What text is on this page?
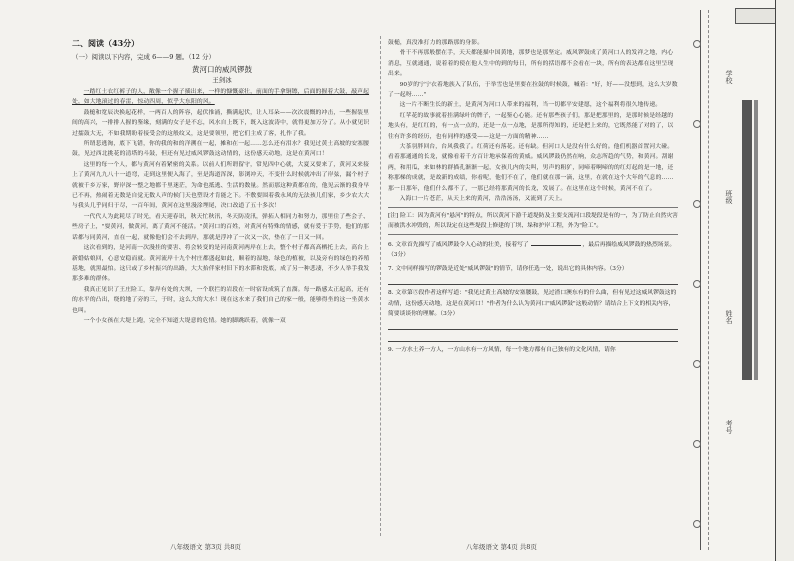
二、阅读（43分）

（一）阅读以下内容，完成 6——9 题。（12 分）

黄河口的威风锣鼓

王剑冰

一踏红土衣红裤子的人，敞像一个握子插出来，一样的慷慨豪壮，前面的手拿铜镲，后面的握着大鼓，敲声起处，如大地滚过的春雷，惊动四周，似乎大东阳的风。

鼓槌和宽辰决换起花样，一两百人的阵容，起伏推涌，撕满起伏，让人耳朵——次次震慨的冲击，一些握装里间的高兴，一排排人握的鉴缘，刻满的女子是不忘，风水自上既下，既入这波涛中，就得更加万分了。从小就见识过擂鼓大无，不如我期盼着接受会的这般纹又，这是要领里，把它们主成了客，扎作了我。

所谓悲逃淘，底下飞错，你的我的和的洋溯在一起，摊和在一起……怎么还有泪水？我见过黄土高坡的安塞腰鼓，见过西北挑花的清塔的斗鼓，但还有见过威风锣鼓这动情的，这份感天动地，这是在黄河口！

这里的每一个人，都与黄河有着紧密的关系。以前人们所谓留守，常见四中心就，大夏又要来了，黄河又来接上了黄河九九八十一道弯，走到这里便入海了，至是海道浑深，影浏冲天，不变什么时候就冲出了岸弦，漏个村子就被千乡万家，野岸深一整之地都千里迷茫，为命也抵逃、生活的数量。然而那这种黄都在的，他见云渐的我身早已不再，热闹着无数是自觉无数人声的候门天也塑设才肯能之下。不敷要围着我永风的无法孩儿们家，乡少农大大与我头几乎同归于尽，一百年间，黄河在这里漫涂埋尾，决口改道了五十多次！

一代代人为此耗尽了时光，看天迎春讯，秋天忙秋汛，冬天防凌汛，弹拓人相同力和努力，那里住了些会子、些房子上，"耍黄河，做黄河，离了黄河不能活。"黄河口的百姓，对黄河有特殊的情感，就有爱于手势，他们的那话都与同黄河，直在一起，就像他们会不去到岸，那就是浮冲了一次又一次，垫在了一日又一回。

这次看到的，是河南一次漫挂的要害、将会转变的是河南黄河两岸在上去，整个村子都高高栖托上去，高台上新婚姑娘回，心意安稳而就。黄河流岸十九个村庄都盛起如此，顺着的湿地，绿色的植被，以及旁有的绿色的养殖基地，就黑最怕。这只或了乡村振兴的出路，大大抬伴家村旧下的水滞和瓷底，成了另一种悲凄，不少人举手我发那多难的群体。

我真正见识了王庄险工，靠岸有处的大坝，一个联拦的岩段在一时宿设成筑了直溜。每一路感太正起高，还有的水平的凸出，绕的地了旁的三，于时，这么大的大水！现在这水来了我们自己的家一般，能够得坐的这一坐黄水也叫。

一个小女孩在大堤上跑，完全不知道大堤意的危情。她的脚跳跃着，就像一双

鼓槌，真没准打力的那路那的身影。

骨干不再那般摆在手，天天都能描中国黄地，那梦也是那坚定。威风锣鼓成了黄河口人的发祥之地，内心消息，互就通通，说着着的使在他人生中的到的每日，所有的括语都不会看在一块，所有的表达都在这里呈现出来。

90岁的宁宁衣着地族入了队伍，于举雪也是里要在拉鼓的时候鼓，喊着："好，好——没想到，这么大岁数了一起呀……"

这一片不断生长的新土，是黄河为河口人带来的福利，当一切都平安建愿，这个福利将很久地传递。

红苹花的故事就着挂满绿叶的牌子，一起鉴心心能。还有那些孩子们，那是把那里的，是那时候是经越的地头有，是红红的，有一点一点的，还是一点一点地，是那所得知的，还是把上来的，它既然能了对的了，以往有许多的经历，也有同样的感受——这是一方面的精神……

大茶羽胖回台，台风我我了。红荷还有落花。还有缺。但河口人是没有什么好的。他们机器首置河大碰。看着那通通的长龙，就像看着千方百计地承保着的黄威。威风锣鼓仍然在响，众志所趋的气势，和黄河。刮谢两，和用瓜，来如林的群描孔渐渐一起，女孩儿内的尖叫，男声的粗犷，同啼着啊啼的的红灯起的是一地，还称那梯的成就，是故新的成绩，你看呢，他们不在了，他们就在那一滴，这里，在就在这个大年的气息的……那一日那年，他们什么都不了，一那已经将那黄河的长龙，发展了。在这里在这个时候，黄河不在了。

入海口一片苍茫，从天上来的黄河，浩浩汤汤，又流到了天上。

[注] 险工：因为黄河有"悬河"的特点，所以黄河下游千道堤防及主要支流河口段堤段是有的一，为了防止自然灾害而被洪水冲毁的，所以设定在这些堤段上修建的丁坝、垛和护岸工程，外为"险工"。

6. 文章首先描写了威风锣鼓令人心动的壮美，接着写了	，最后再描绘威风锣鼓的热烈场景。（3分）

7. 文中同样描写的锣鼓是近处"威风锣鼓"的情节，请你任选一处，说出它的具体内容。（3分）

8. 文章第⑤段作者这样写道："我见过黄土高坡的安塞腰鼓，见过渣口澳东有的什么曲，但有见过这威风锣鼓这的动情，这份感天动地，这是在黄河口！"作者为什么认为黄河口"威风锣鼓"这般动情？请结合上下文的相关内容，简要谈谈你的理解。（3分）

9. 一方水土养一方人，一方山水有一方风情，每一个地方都有自己独有的文化风情，请你

八年级语文 第3页 共8页	八年级语文 第4页 共8页
学校
班级
姓名
考号
